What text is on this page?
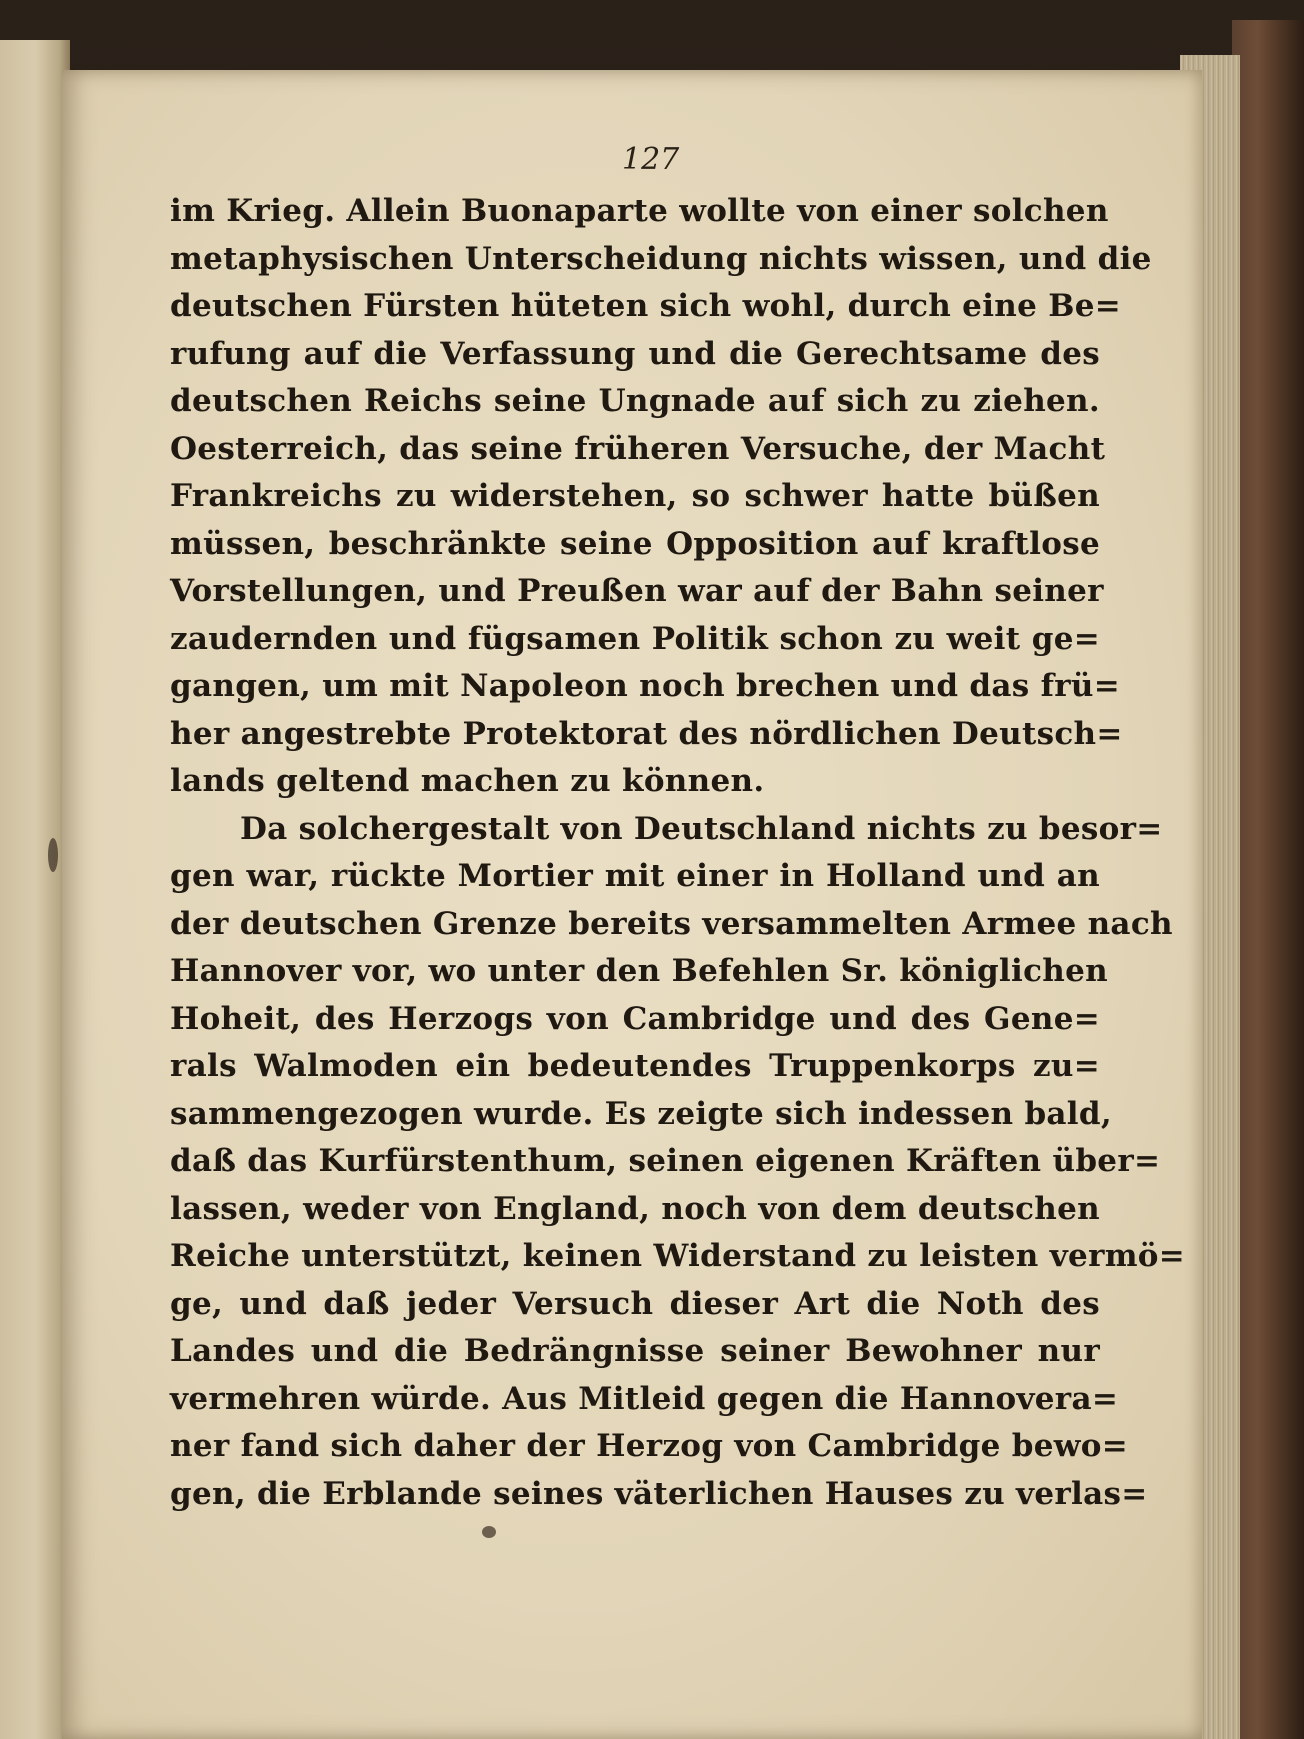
127
im Krieg. Allein Buonaparte wollte von einer solchen
metaphysischen Unterscheidung nichts wissen, und die
deutschen Fürsten hüteten sich wohl, durch eine Be=
rufung auf die Verfassung und die Gerechtsame des
deutschen Reichs seine Ungnade auf sich zu ziehen.
Oesterreich, das seine früheren Versuche, der Macht
Frankreichs zu widerstehen, so schwer hatte büßen
müssen, beschränkte seine Opposition auf kraftlose
Vorstellungen, und Preußen war auf der Bahn seiner
zaudernden und fügsamen Politik schon zu weit ge=
gangen, um mit Napoleon noch brechen und das frü=
her angestrebte Protektorat des nördlichen Deutsch=
lands geltend machen zu können.
Da solchergestalt von Deutschland nichts zu besor=
gen war, rückte Mortier mit einer in Holland und an
der deutschen Grenze bereits versammelten Armee nach
Hannover vor, wo unter den Befehlen Sr. königlichen
Hoheit, des Herzogs von Cambridge und des Gene=
rals Walmoden ein bedeutendes Truppenkorps zu=
sammengezogen wurde. Es zeigte sich indessen bald,
daß das Kurfürstenthum, seinen eigenen Kräften über=
lassen, weder von England, noch von dem deutschen
Reiche unterstützt, keinen Widerstand zu leisten vermö=
ge, und daß jeder Versuch dieser Art die Noth des
Landes und die Bedrängnisse seiner Bewohner nur
vermehren würde. Aus Mitleid gegen die Hannovera=
ner fand sich daher der Herzog von Cambridge bewo=
gen, die Erblande seines väterlichen Hauses zu verlas=
